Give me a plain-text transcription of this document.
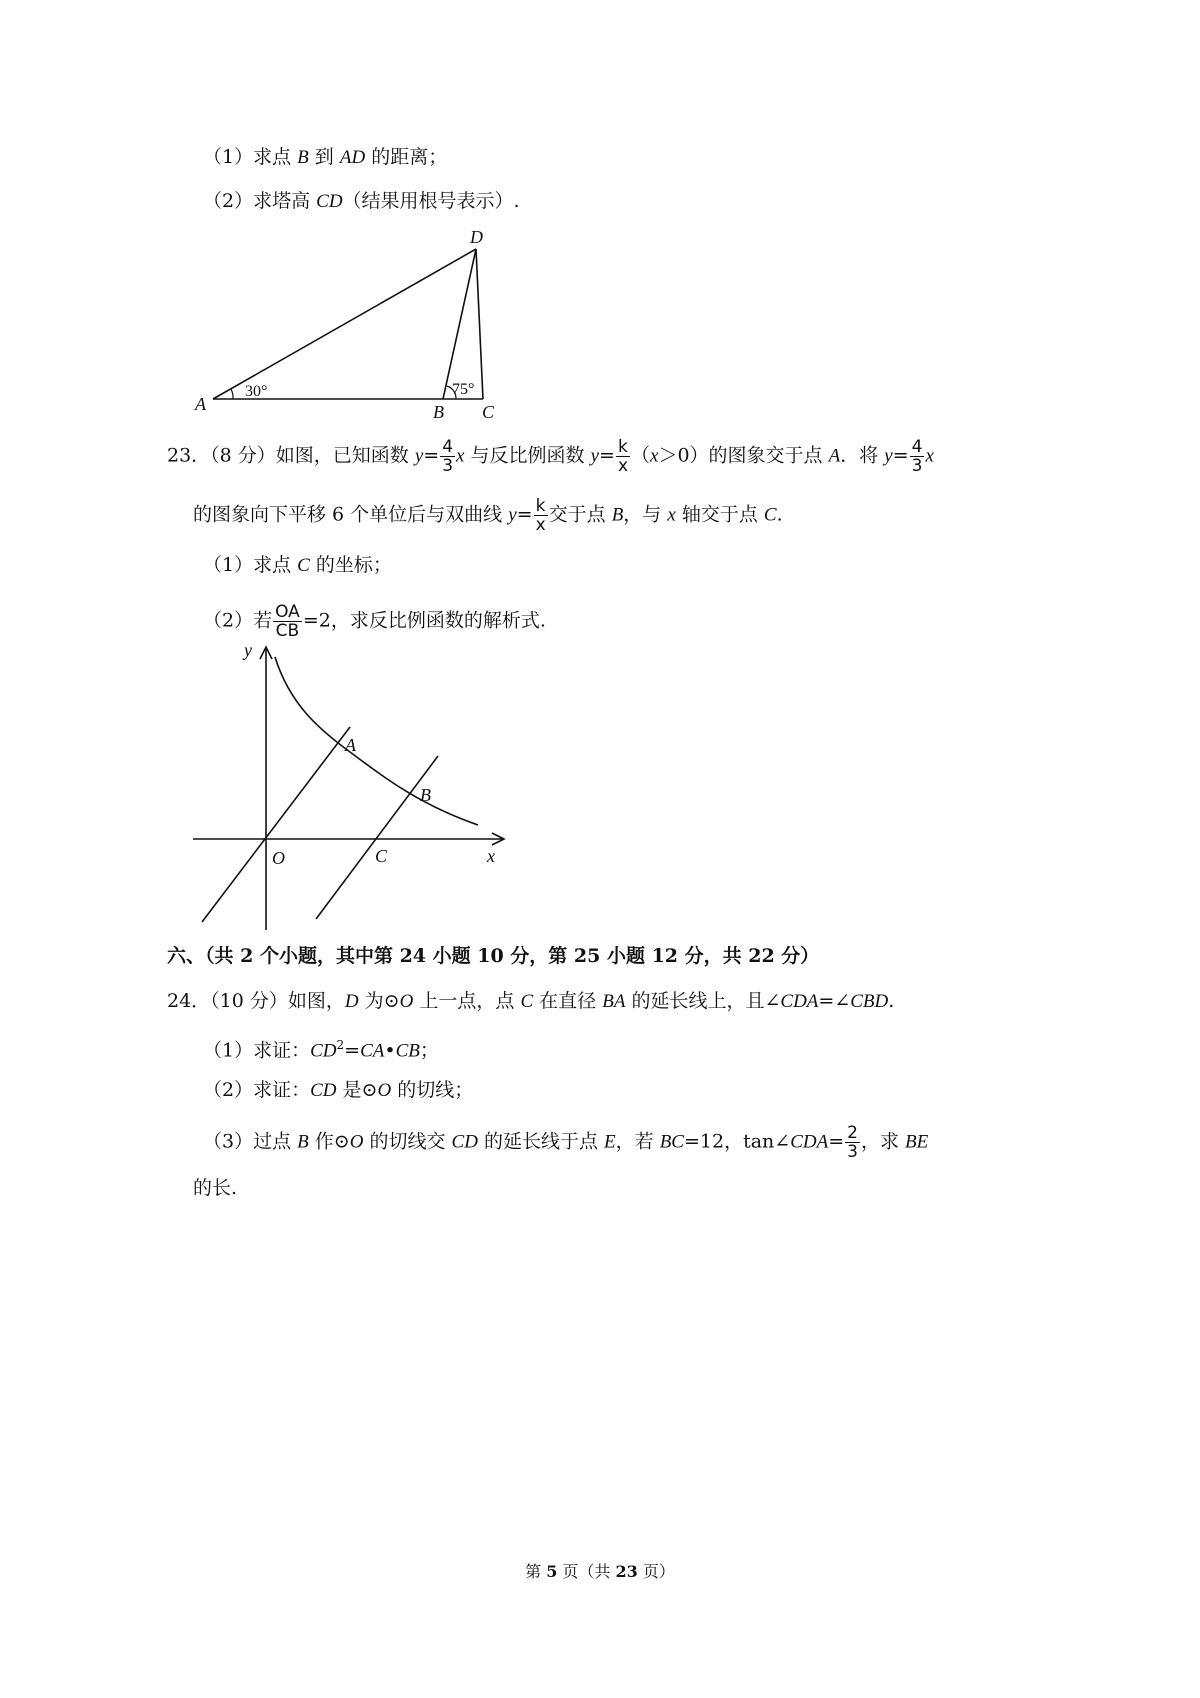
（1）求点 B 到 AD 的距离；
（2）求塔高 CD（结果用根号表示）.
D
A	B C
30°	75°
23．（8 分）如图，已知函数 $y= \frac{4}{3}$ x 与反比例函数 $y= \frac{k}{x} (x>0)$的图象交于点 A．将 $y= \frac{4}{3}$ x
的图象向下平移 6 个单位后与双曲线 $y= \frac{k}{x}$ 交于点 B，与 x 轴交于点 C.
（1）求点 C 的坐标；
（2）若 $\frac{OA}{CB} =2$，求反比例函数的解析式.
y
x
O
A
B
C
六、（共 2 个小题，其中第 24 小题 10 分，第 25 小题 12 分，共 22 分）
24．（10 分）如图，D 为⊙O 上一点，点 C 在直径 BA 的延长线上，且∠CDA=∠CBD.
（1）求证：$CD^2=CA•CB$；
（2）求证：CD 是⊙O 的切线；
（3）过点 B 作⊙O 的切线交 CD 的延长线于点 E，若 BC=12，tan∠CDA= $\frac{2}{3}$ ，求 BE
的长.
第 5 页（共 23 页）
